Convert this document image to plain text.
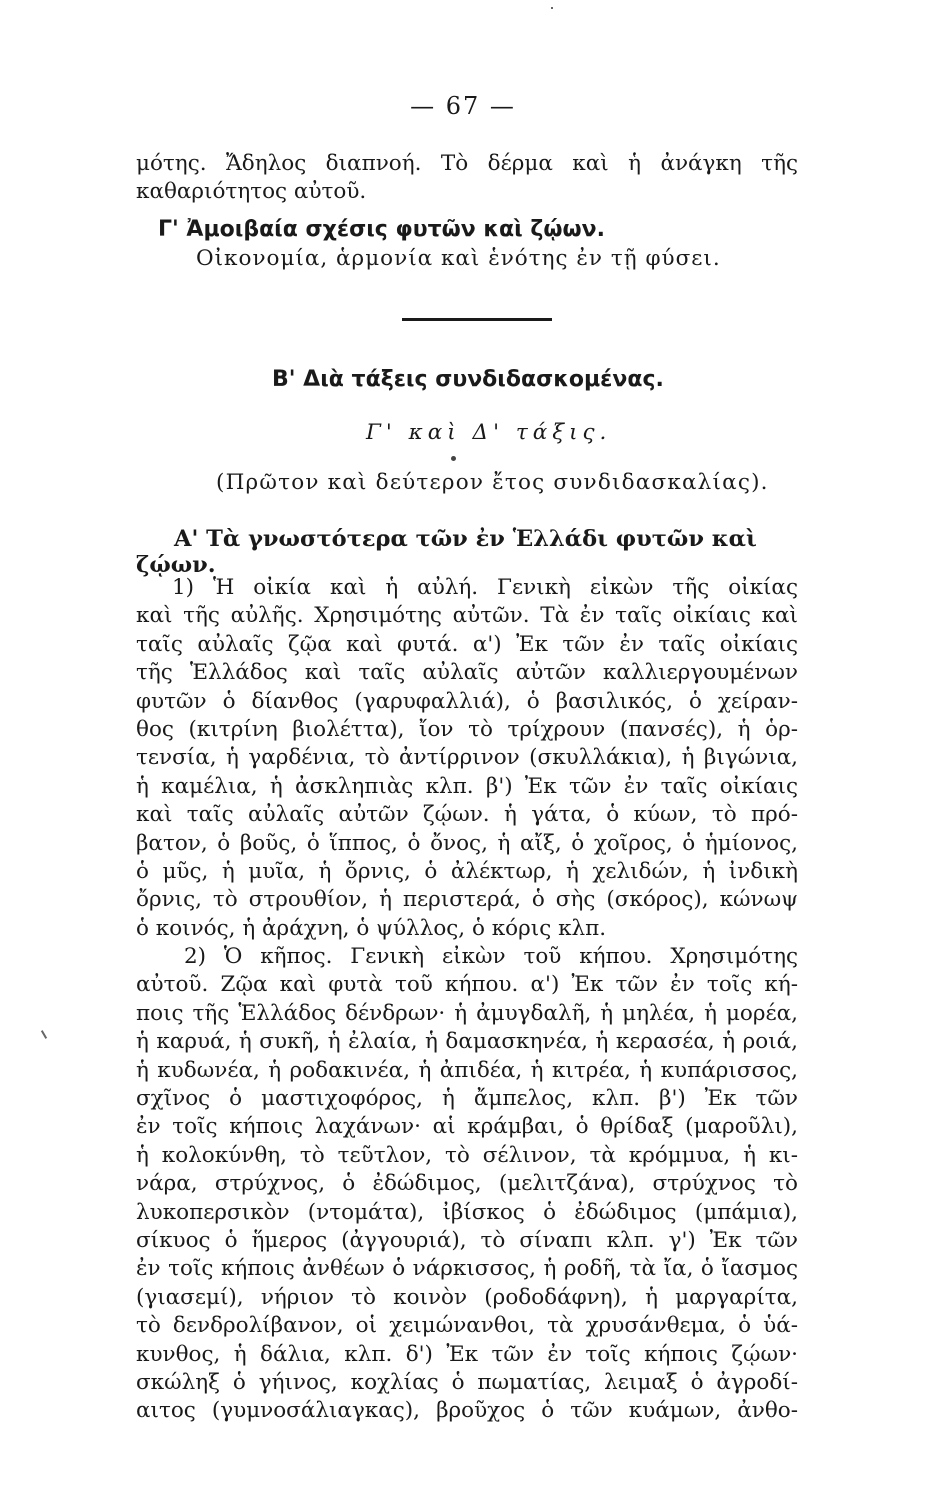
— 67 —
μότης. Ἄδηλος διαπνοή. Τὸ δέρμα καὶ ἡ ἀνάγκη τῆς
καθαριότητος αὐτοῦ.
Γ' Ἀμοιβαία σχέσις φυτῶν καὶ ζῴων.
Οἰκονομία, ἁρμονία καὶ ἑνότης ἐν τῇ φύσει.
Β' Διὰ τάξεις συνδιδασκομένας.
Γ' καὶ Δ' τάξις.
(Πρῶτον καὶ δεύτερον ἔτος συνδιδασκαλίας).
Α' Τὰ γνωστότερα τῶν ἐν Ἑλλάδι φυτῶν καὶ
ζῴων.
1) Ἡ οἰκία καὶ ἡ αὐλή. Γενικὴ εἰκὼν τῆς οἰκίας
καὶ τῆς αὐλῆς. Χρησιμότης αὐτῶν. Τὰ ἐν ταῖς οἰκίαις καὶ
ταῖς αὐλαῖς ζῷα καὶ φυτά. α') Ἐκ τῶν ἐν ταῖς οἰκίαις
τῆς Ἑλλάδος καὶ ταῖς αὐλαῖς αὐτῶν καλλιεργουμένων
φυτῶν ὁ δίανθος (γαρυφαλλιά), ὁ βασιλικός, ὁ χείραν-
θος (κιτρίνη βιολέττα), ἴον τὸ τρίχρουν (πανσές), ἡ ὁρ-
τενσία, ἡ γαρδένια, τὸ ἀντίρρινον (σκυλλάκια), ἡ βιγώνια,
ἡ καμέλια, ἡ ἀσκληπιὰς κλπ. β') Ἐκ τῶν ἐν ταῖς οἰκίαις
καὶ ταῖς αὐλαῖς αὐτῶν ζῴων. ἡ γάτα, ὁ κύων, τὸ πρό-
βατον, ὁ βοῦς, ὁ ἵππος, ὁ ὄνος, ἡ αἴξ, ὁ χοῖρος, ὁ ἡμίονος,
ὁ μῦς, ἡ μυῖα, ἡ ὄρνις, ὁ ἀλέκτωρ, ἡ χελιδών, ἡ ἰνδικὴ
ὄρνις, τὸ στρουθίον, ἡ περιστερά, ὁ σὴς (σκόρος), κώνωψ
ὁ κοινός, ἡ ἀράχνη, ὁ ψύλλος, ὁ κόρις κλπ.
2) Ὁ κῆπος. Γενικὴ εἰκὼν τοῦ κήπου. Χρησιμότης
αὐτοῦ. Ζῷα καὶ φυτὰ τοῦ κήπου. α') Ἐκ τῶν ἐν τοῖς κή-
ποις τῆς Ἑλλάδος δένδρων· ἡ ἀμυγδαλῆ, ἡ μηλέα, ἡ μορέα,
ἡ καρυά, ἡ συκῆ, ἡ ἐλαία, ἡ δαμασκηνέα, ἡ κερασέα, ἡ ροιά,
ἡ κυδωνέα, ἡ ροδακινέα, ἡ ἀπιδέα, ἡ κιτρέα, ἡ κυπάρισσος,
σχῖνος ὁ μαστιχοφόρος, ἡ ἄμπελος, κλπ. β') Ἐκ τῶν
ἐν τοῖς κήποις λαχάνων· αἱ κράμβαι, ὁ θρίδαξ (μαροῦλι),
ἡ κολοκύνθη, τὸ τεῦτλον, τὸ σέλινον, τὰ κρόμμυα, ἡ κι-
νάρα, στρύχνος, ὁ ἐδώδιμος, (μελιτζάνα), στρύχνος τὸ
λυκοπερσικὸν (ντομάτα), ἰβίσκος ὁ ἐδώδιμος (μπάμια),
σίκυος ὁ ἥμερος (ἀγγουριά), τὸ σίναπι κλπ. γ') Ἐκ τῶν
ἐν τοῖς κήποις ἀνθέων ὁ νάρκισσος, ἡ ροδῆ, τὰ ἴα, ὁ ἴασμος
(γιασεμί), νήριον τὸ κοινὸν (ροδοδάφνη), ἡ μαργαρίτα,
τὸ δενδρολίβανον, οἱ χειμώνανθοι, τὰ χρυσάνθεμα, ὁ ὑά-
κυνθος, ἡ δάλια, κλπ. δ') Ἐκ τῶν ἐν τοῖς κήποις ζῴων·
σκώληξ ὁ γήινος, κοχλίας ὁ πωματίας, λειμαξ ὁ ἀγροδί-
αιτος (γυμνοσάλιαγκας), βροῦχος ὁ τῶν κυάμων, ἀνθο-
